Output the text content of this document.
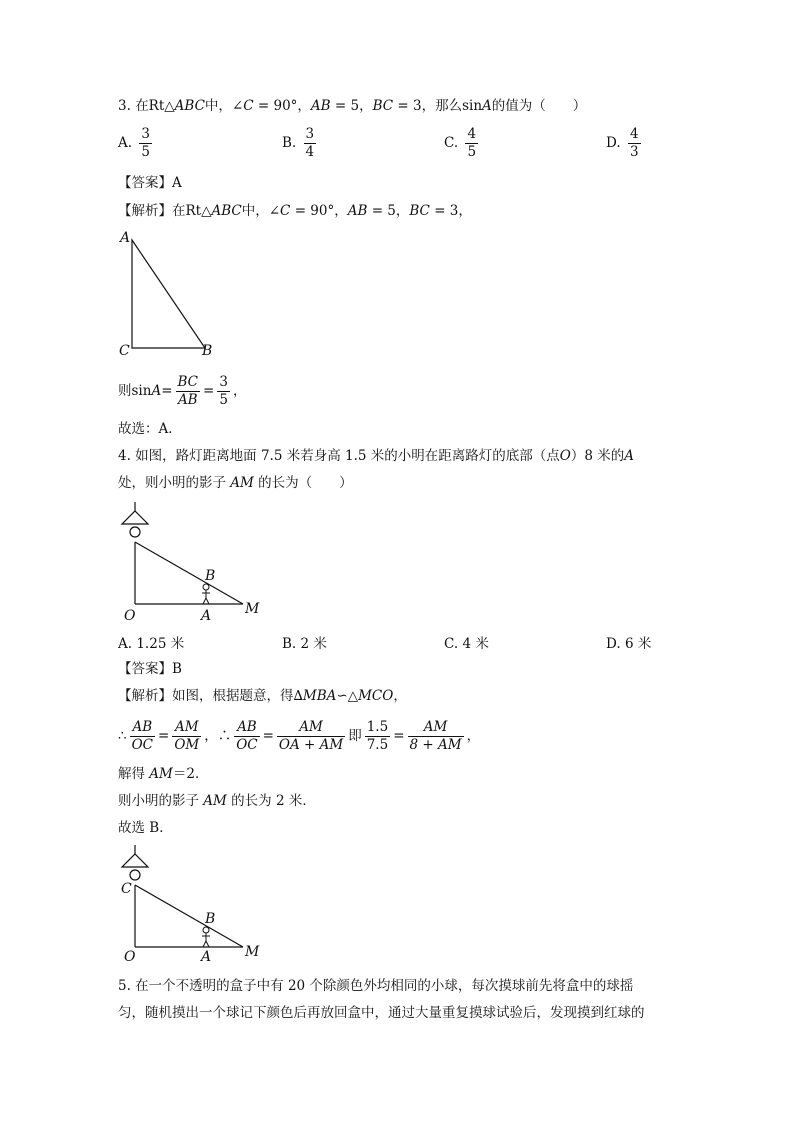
3. 在Rt△ABC中，∠C = 90°，AB = 5，BC = 3，那么sinA的值为（　　）
A. $\frac{3}{5}$	B. $\frac{3}{4}$	C. $\frac{4}{5}$	D. $\frac{4}{3}$
【答案】A
【解析】在Rt△ABC中，∠C = 90°，AB = 5，BC = 3，
A
C	B
则$\sin A= \frac{BC}{AB} = \frac{3}{5}$ ，
故选：A．
4. 如图，路灯距离地面 7.5 米若身高 1.5 米的小明在距离路灯的底部（点O）8 米的A
处，则小明的影子 AM 的长为（　　）
O	A
B
M
A. 1.25 米	B. 2 米	C. 4 米	D. 6 米
【答案】B
【解析】如图，根据题意，得∆MBA∽△MCO，
∴ $\frac{AB}{OC} = \frac{AM}{OM}$ ，∴ $\frac{AB}{OC} = \frac{AM}{OA + AM}$ 即 $\frac{1.5}{7.5} = \frac{AM}{8 + AM}$ ，
解得 AM＝2．
则小明的影子 AM 的长为 2 米．
故选 B．
C
O	A
B
M
5. 在一个不透明的盒子中有 20 个除颜色外均相同的小球，每次摸球前先将盒中的球摇
匀，随机摸出一个球记下颜色后再放回盒中，通过大量重复摸球试验后，发现摸到红球的
